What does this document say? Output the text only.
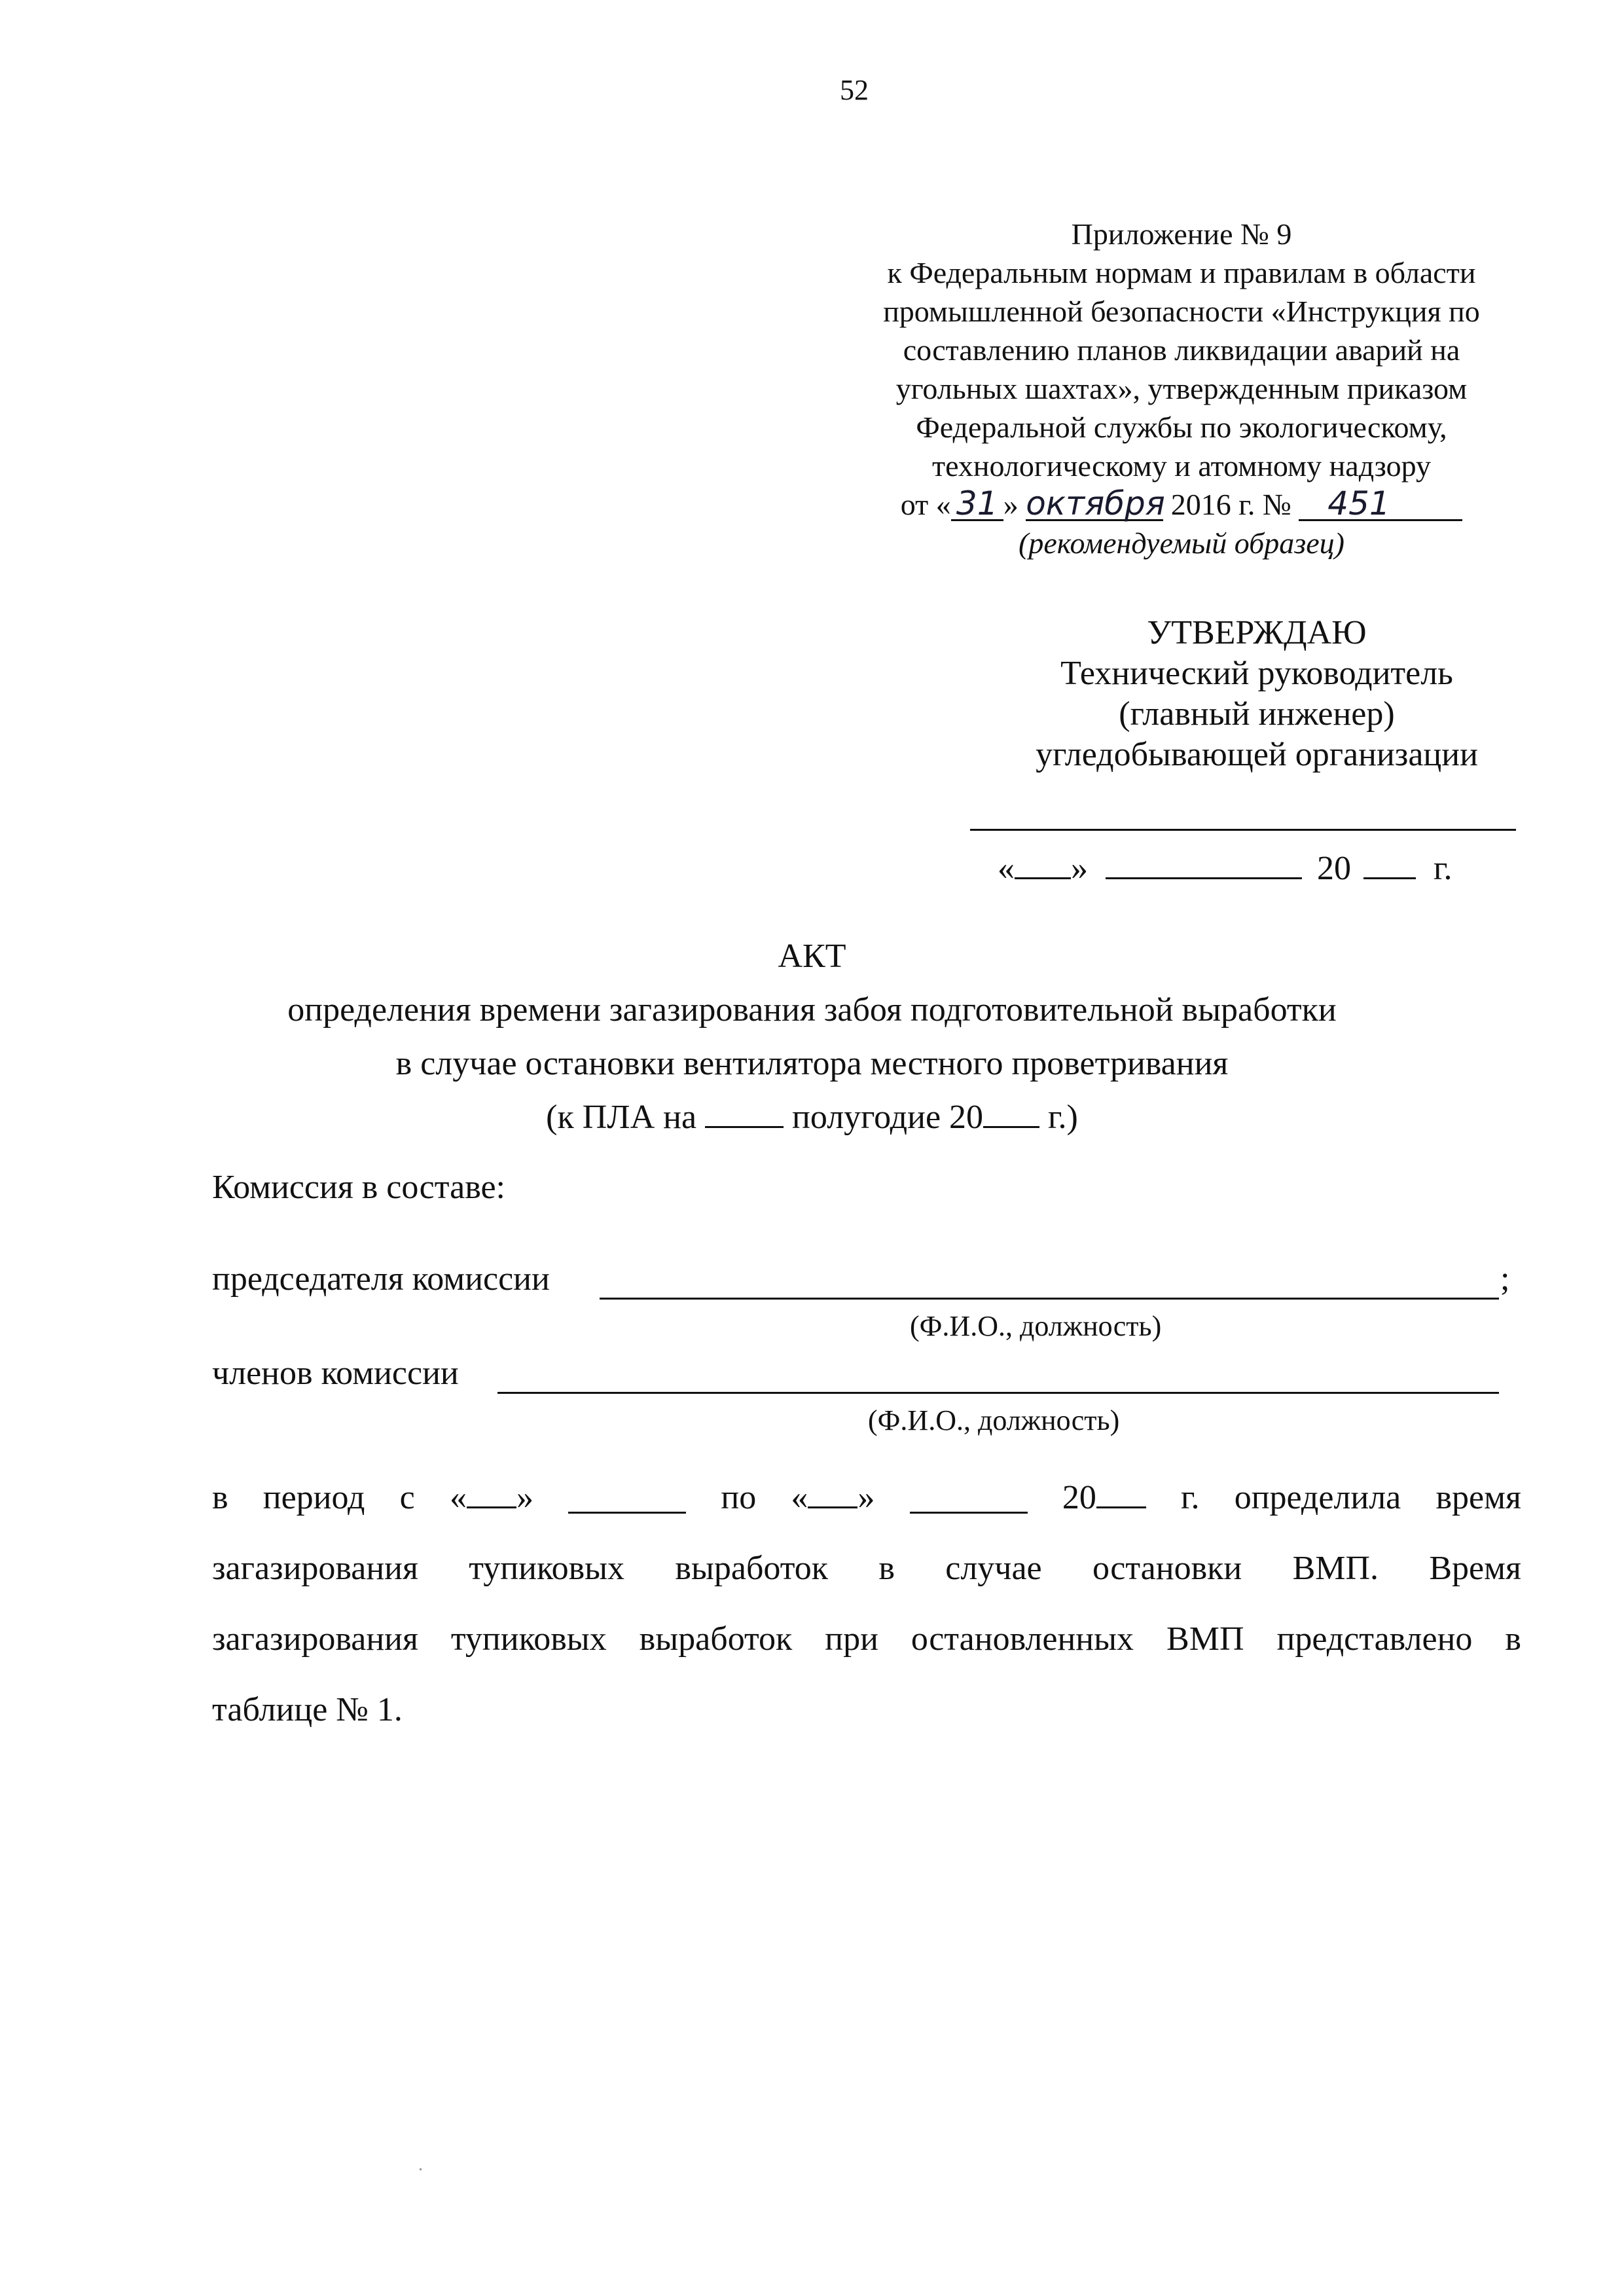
52
Приложение № 9
к Федеральным нормам и правилам в области
промышленной безопасности «Инструкция по
составлению планов ликвидации аварий на
угольных шахтах», утвержденным приказом
Федеральной службы по экологическому,
технологическому и атомному надзору
от « 31 » октября 2016 г. № 451
(рекомендуемый образец)
УТВЕРЖДАЮ
Технический руководитель
(главный инженер)
угледобывающей организации
« »	20 г.
АКТ
определения времени загазирования забоя подготовительной выработки
в случае остановки вентилятора местного проветривания
(к ПЛА на	полугодие 20 г.)
Комиссия в составе:
председателя комиссии	;
(Ф.И.О., должность)
членов комиссии
(Ф.И.О., должность)
в период с « »	по « »	20	г. определила время
загазирования тупиковых выработок в случае остановки ВМП. Время
загазирования тупиковых выработок при остановленных ВМП представлено в
таблице № 1.
